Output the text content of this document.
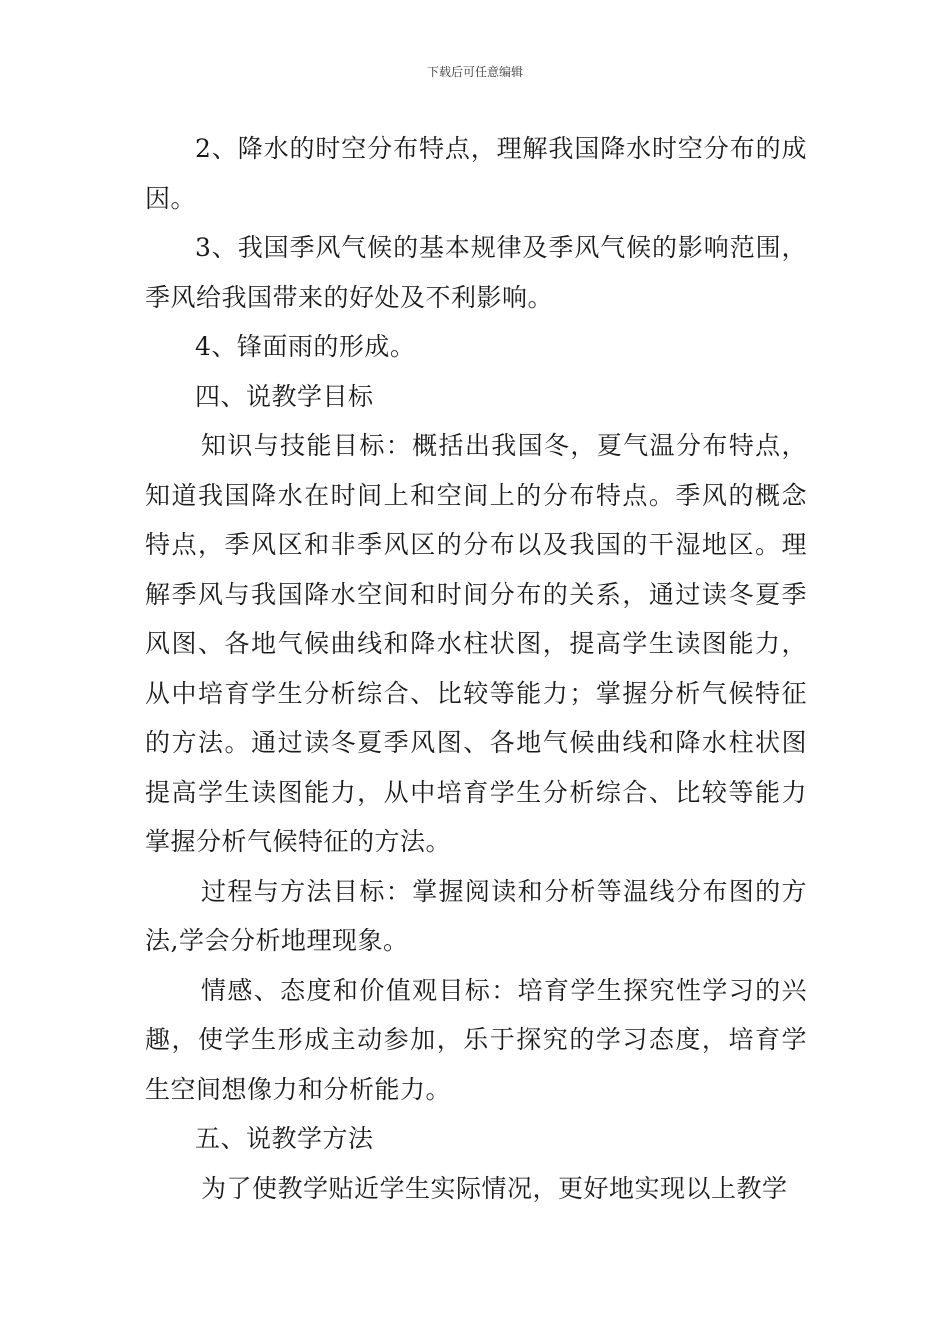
下载后可任意编辑

2、降水的时空分布特点，理解我国降水时空分布的成因。

3、我国季风气候的基本规律及季风气候的影响范围，季风给我国带来的好处及不利影响。

4、锋面雨的形成。

四、说教学目标

知识与技能目标：概括出我国冬，夏气温分布特点，知道我国降水在时间上和空间上的分布特点。季风的概念特点，季风区和非季风区的分布以及我国的干湿地区。理解季风与我国降水空间和时间分布的关系，通过读冬夏季风图、各地气候曲线和降水柱状图，提高学生读图能力，从中培育学生分析综合、比较等能力；掌握分析气候特征的方法。通过读冬夏季风图、各地气候曲线和降水柱状图提高学生读图能力，从中培育学生分析综合、比较等能力掌握分析气候特征的方法。

过程与方法目标：掌握阅读和分析等温线分布图的方法,学会分析地理现象。

情感、态度和价值观目标：培育学生探究性学习的兴趣，使学生形成主动参加，乐于探究的学习态度，培育学生空间想像力和分析能力。

五、说教学方法

为了使教学贴近学生实际情况，更好地实现以上教学
